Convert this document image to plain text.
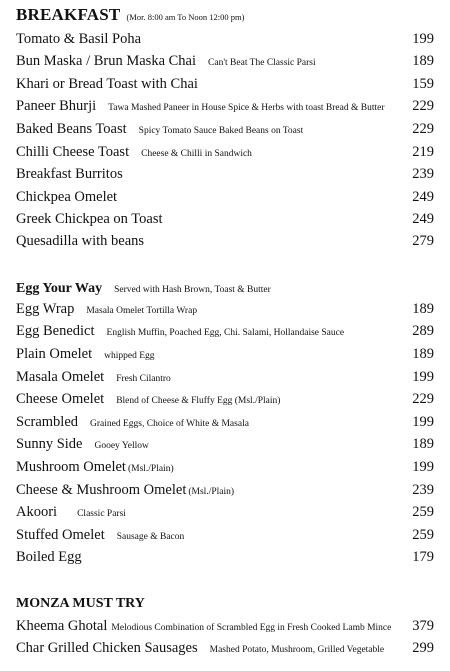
BREAKFAST (Mor. 8:00 am To Noon 12:00 pm)
Tomato & Basil Poha	199
Bun Maska / Brun Maska Chai Can't Beat The Classic Parsi	189
Khari or Bread Toast with Chai	159
Paneer Bhurji Tawa Mashed Paneer in House Spice & Herbs with toast Bread & Butter 229
Baked Beans Toast Spicy Tomato Sauce Baked Beans on Toast	229
Chilli Cheese Toast Cheese & Chilli in Sandwich	219
Breakfast Burritos	239
Chickpea Omelet	249
Greek Chickpea on Toast	249
Quesadilla with beans	279
Egg Your Way Served with Hash Brown, Toast & Butter
Egg Wrap Masala Omelet Tortilla Wrap	189
Egg Benedict English Muffin, Poached Egg, Chi. Salami, Hollandaise Sauce	289
Plain Omelet whipped Egg	189
Masala Omelet Fresh Cilantro	199
Cheese Omelet Blend of Cheese & Fluffy Egg (Msl./Plain)	229
Scrambled Grained Eggs, Choice of White & Masala	199
Sunny Side Gooey Yellow	189
Mushroom Omelet (Msl./Plain)	199
Cheese & Mushroom Omelet (Msl./Plain)	239
Akoori Classic Parsi	259
Stuffed Omelet Sausage & Bacon	259
Boiled Egg	179
MONZA MUST TRY
Kheema Ghotal Melodious Combination of Scrambled Egg in Fresh Cooked Lamb Mince 379
Char Grilled Chicken Sausages Mashed Potato, Mushroom, Grilled Vegetable 299
